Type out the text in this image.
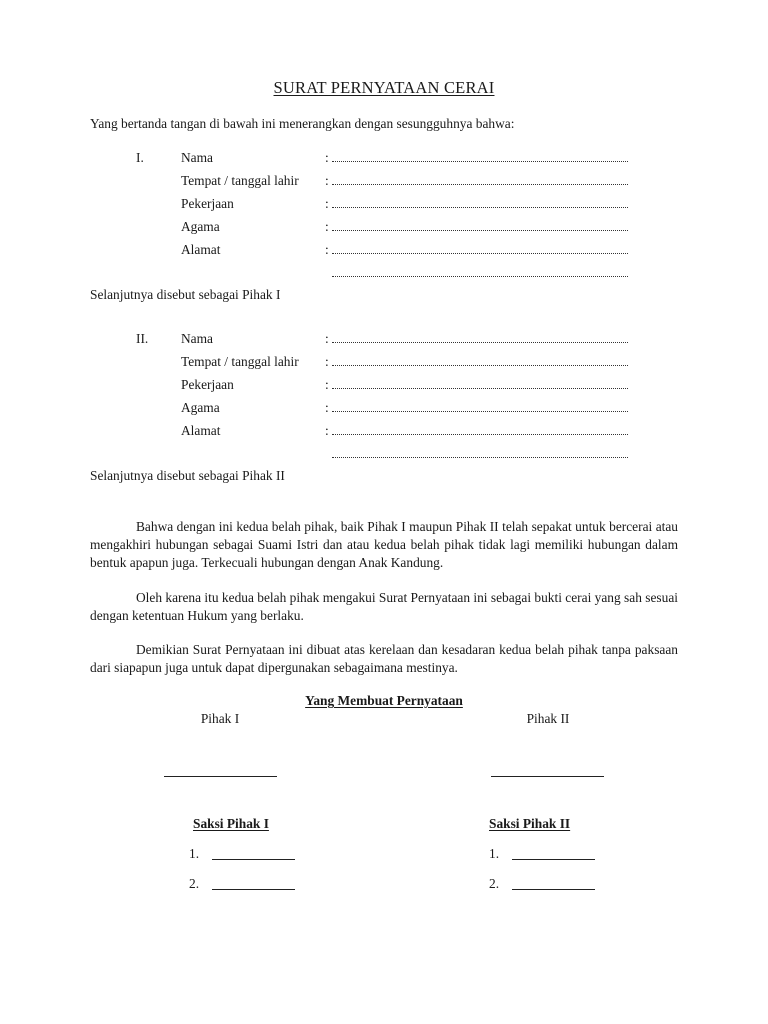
SURAT PERNYATAAN CERAI
Yang bertanda tangan di bawah ini menerangkan dengan sesungguhnya bahwa:
I.	Nama	:
Tempat / tanggal lahir :
Pekerjaan	:
Agama	:
Alamat	:
Selanjutnya disebut sebagai Pihak I
II. Nama	:
Tempat / tanggal lahir :
Pekerjaan	:
Agama	:
Alamat	:
Selanjutnya disebut sebagai Pihak II

Bahwa dengan ini kedua belah pihak, baik Pihak I maupun Pihak II telah sepakat untuk bercerai atau mengakhiri hubungan sebagai Suami Istri dan atau kedua belah pihak tidak lagi memiliki hubungan dalam bentuk apapun juga. Terkecuali hubungan dengan Anak Kandung.

Oleh karena itu kedua belah pihak mengakui Surat Pernyataan ini sebagai bukti cerai yang sah sesuai dengan ketentuan Hukum yang berlaku.

Demikian Surat Pernyataan ini dibuat atas kerelaan dan kesadaran kedua belah pihak tanpa paksaan dari siapapun juga untuk dapat dipergunakan sebagaimana mestinya.

Yang Membuat Pernyataan
Pihak I	Pihak II
Saksi Pihak I	Saksi Pihak II
1.
2.
1.
2.
